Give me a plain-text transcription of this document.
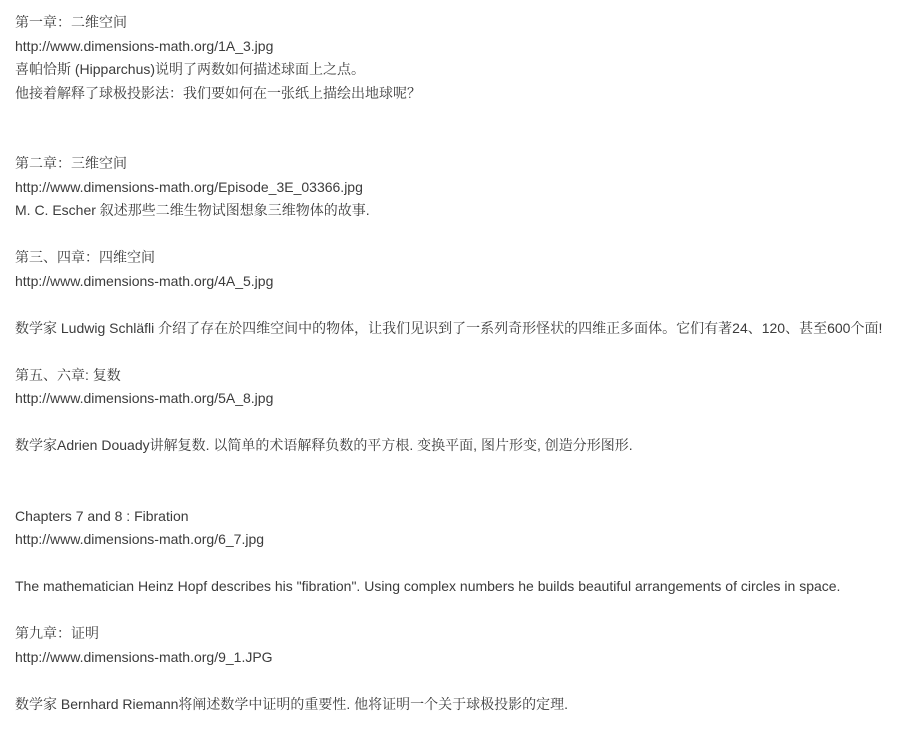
第一章：二维空间
http://www.dimensions-math.org/1A_3.jpg
喜帕恰斯 (Hipparchus)说明了两数如何描述球面上之点。
他接着解释了球极投影法：我们要如何在一张纸上描绘出地球呢？
第二章：三维空间
http://www.dimensions-math.org/Episode_3E_03366.jpg
M. C. Escher 叙述那些二维生物试图想象三维物体的故事.
第三、四章：四维空间
http://www.dimensions-math.org/4A_5.jpg
数学家 Ludwig Schläfli 介绍了存在於四维空间中的物体，让我们见识到了一系列奇形怪状的四维正多面体。它们有著24、120、甚至600个面!
第五、六章: 复数
http://www.dimensions-math.org/5A_8.jpg
数学家Adrien Douady讲解复数. 以简单的术语解释负数的平方根. 变换平面, 图片形变, 创造分形图形.
Chapters 7 and 8 : Fibration
http://www.dimensions-math.org/6_7.jpg
The mathematician Heinz Hopf describes his "fibration". Using complex numbers he builds beautiful arrangements of circles in space.
第九章：证明
http://www.dimensions-math.org/9_1.JPG
数学家 Bernhard Riemann将阐述数学中证明的重要性. 他将证明一个关于球极投影的定理.
